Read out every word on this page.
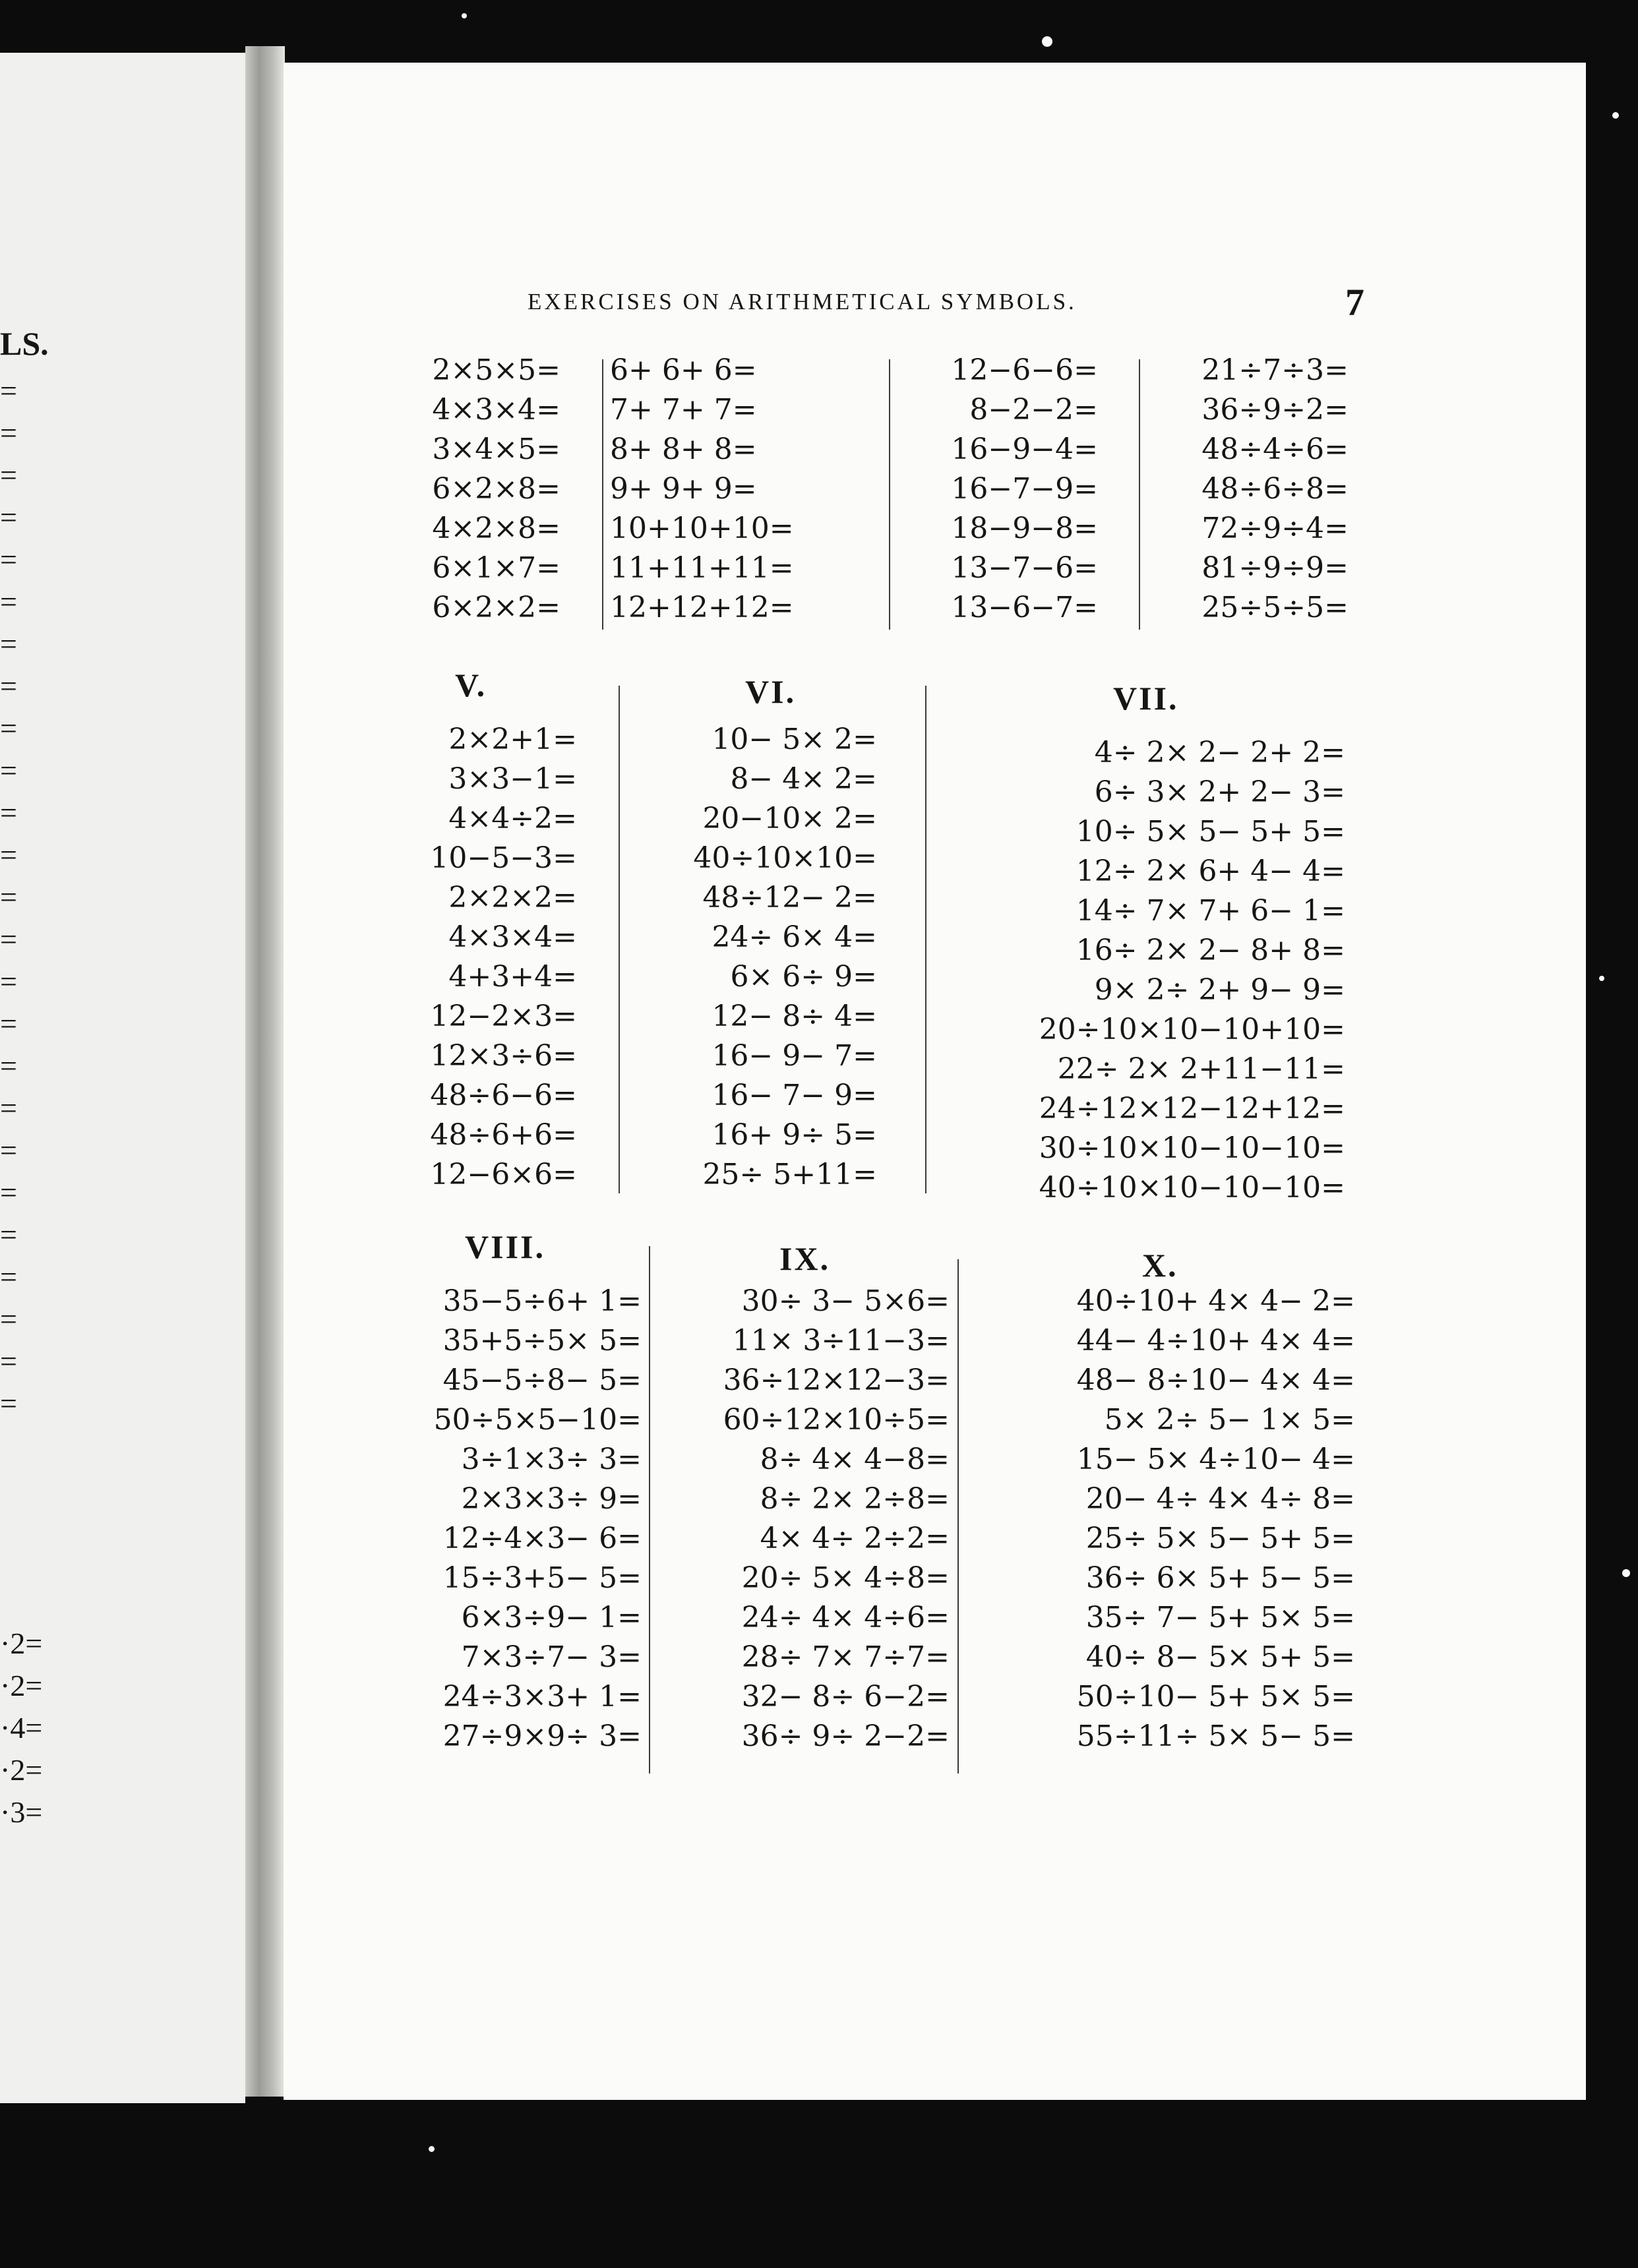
LS.
=
=
=
=
=
=
=
=
=
=
=
=
=
=
=
=
=
=
=
=
=
=
=
=
=
·2=
·2=
·4=
·2=
·3=
EXERCISES ON ARITHMETICAL SYMBOLS.	7
2×5×5=
4×3×4=
3×4×5=
6×2×8=
4×2×8=
6×1×7=
6×2×2=
6+ 6+ 6=
7+ 7+ 7=
8+ 8+ 8=
9+ 9+ 9=
10+10+10=
11+11+11=
12+12+12=
12−6−6=
8−2−2=
16−9−4=
16−7−9=
18−9−8=
13−7−6=
13−6−7=
21÷7÷3=
36÷9÷2=
48÷4÷6=
48÷6÷8=
72÷9÷4=
81÷9÷9=
25÷5÷5=
V.
2×2+1=
3×3−1=
4×4÷2=
10−5−3=
2×2×2=
4×3×4=
4+3+4=
12−2×3=
12×3÷6=
48÷6−6=
48÷6+6=
12−6×6=
VI.
10− 5× 2=
8− 4× 2=
20−10× 2=
40÷10×10=
48÷12− 2=
24÷ 6× 4=
6× 6÷ 9=
12− 8÷ 4=
16− 9− 7=
16− 7− 9=
16+ 9÷ 5=
25÷ 5+11=
VII.
4÷ 2× 2− 2+ 2=
6÷ 3× 2+ 2− 3=
10÷ 5× 5− 5+ 5=
12÷ 2× 6+ 4− 4=
14÷ 7× 7+ 6− 1=
16÷ 2× 2− 8+ 8=
9× 2÷ 2+ 9− 9=
20÷10×10−10+10=
22÷ 2× 2+11−11=
24÷12×12−12+12=
30÷10×10−10−10=
40÷10×10−10−10=
VIII.
35−5÷6+ 1=
35+5÷5× 5=
45−5÷8− 5=
50÷5×5−10=
3÷1×3÷ 3=
2×3×3÷ 9=
12÷4×3− 6=
15÷3+5− 5=
6×3÷9− 1=
7×3÷7− 3=
24÷3×3+ 1=
27÷9×9÷ 3=
IX.
30÷ 3− 5×6=
11× 3÷11−3=
36÷12×12−3=
60÷12×10÷5=
8÷ 4× 4−8=
8÷ 2× 2÷8=
4× 4÷ 2÷2=
20÷ 5× 4÷8=
24÷ 4× 4÷6=
28÷ 7× 7÷7=
32− 8÷ 6−2=
36÷ 9÷ 2−2=
X.
40÷10+ 4× 4− 2=
44− 4÷10+ 4× 4=
48− 8÷10− 4× 4=
5× 2÷ 5− 1× 5=
15− 5× 4÷10− 4=
20− 4÷ 4× 4÷ 8=
25÷ 5× 5− 5+ 5=
36÷ 6× 5+ 5− 5=
35÷ 7− 5+ 5× 5=
40÷ 8− 5× 5+ 5=
50÷10− 5+ 5× 5=
55÷11÷ 5× 5− 5=
